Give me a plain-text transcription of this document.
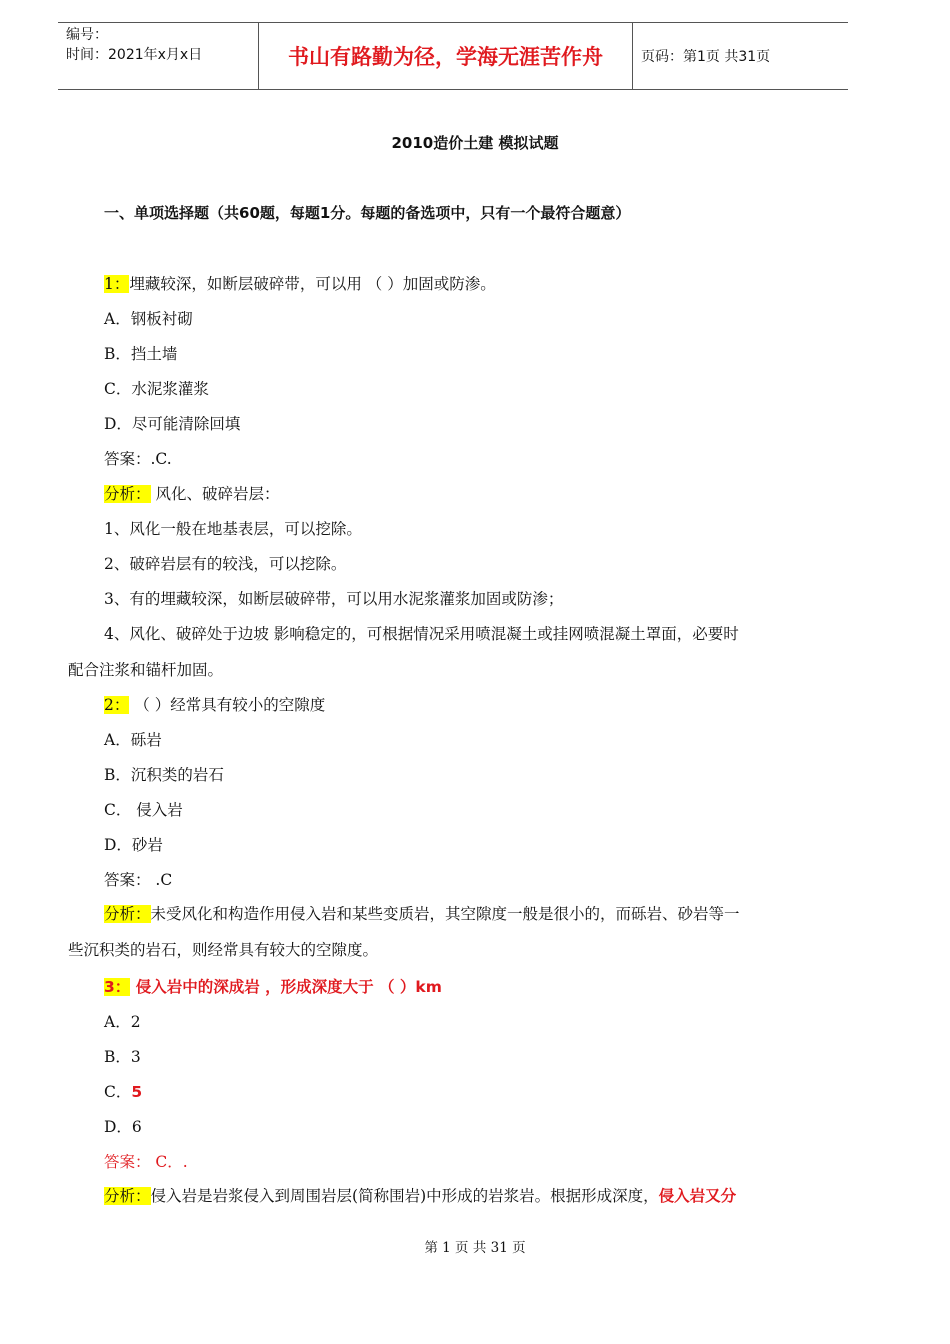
编号：
时间：2021年x月x日	书山有路勤为径，学海无涯苦作舟	页码：第1页 共31页
2010造价土建 模拟试题
一、单项选择题（共60题，每题1分。每题的备选项中，只有一个最符合题意）
1：埋藏较深，如断层破碎带，可以用 （ ）加固或防渗。
A．钢板衬砌
B．挡土墙
C．水泥浆灌浆
D．尽可能清除回填
答案：.C.
分析： 风化、破碎岩层：
1、风化一般在地基表层，可以挖除。
2、破碎岩层有的较浅，可以挖除。
3、有的埋藏较深，如断层破碎带，可以用水泥浆灌浆加固或防渗；
4、风化、破碎处于边坡 影响稳定的，可根据情况采用喷混凝土或挂网喷混凝土罩面，必要时
配合注浆和锚杆加固。
2： （ ）经常具有较小的空隙度
A．砾岩
B．沉积类的岩石
C． 侵入岩
D．砂岩
答案： .C
分析：未受风化和构造作用侵入岩和某些变质岩，其空隙度一般是很小的，而砾岩、砂岩等一
些沉积类的岩石，则经常具有较大的空隙度。
3： 侵入岩中的深成岩 ，形成深度大于 （ ）km
A．2
B．3
C．5
D．6
答案： C．.
分析：侵入岩是岩浆侵入到周围岩层(简称围岩)中形成的岩浆岩。根据形成深度，侵入岩又分
第 1 页 共 31 页
